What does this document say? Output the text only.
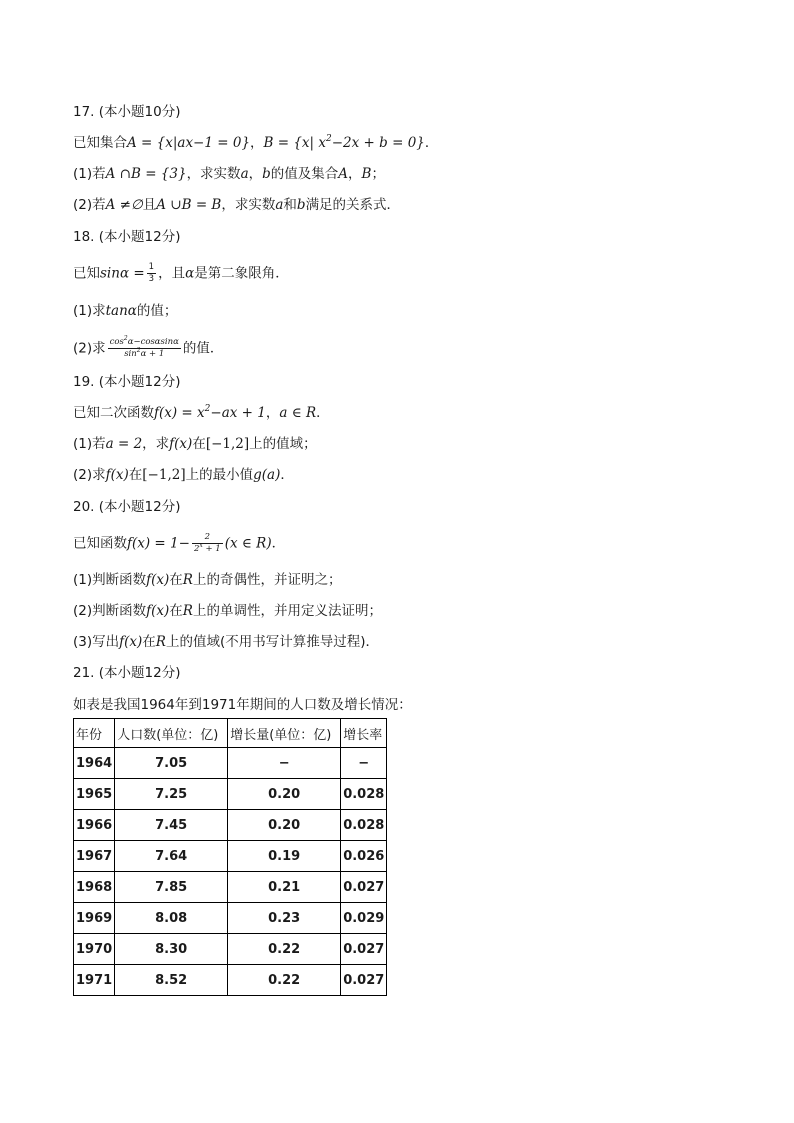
17. (本小题10分)
已知集合A = {x|ax−1 = 0}，B = {x| $x^2-2x + b = 0$}．
(1)若A ∩B = {3}，求实数a，b的值及集合A，B；
(2)若A ≠∅且A ∪B = B，求实数a和b满足的关系式．
18. (本小题12分)
已知$\sin\alpha = \frac{1}{3}$ ，且α是第二象限角．
(1)求tanα的值；
(2)求 $\frac{\cos^2\alpha-\cos\alpha\sin\alpha}{\sin^2\alpha + 1}$ 的值．
19. (本小题12分)
已知二次函数$f(x) = x^2-ax + 1$，a ∈ R．
(1)若a = 2，求f(x)在[−1,2]上的值域；
(2)求f(x)在[−1,2]上的最小值g(a)．
20. (本小题12分)
已知函数$f(x) = 1- \frac{2}{2^x + 1} (x$ ∈ R)．
(1)判断函数f(x)在R上的奇偶性，并证明之；
(2)判断函数f(x)在R上的单调性，并用定义法证明；
(3)写出f(x)在R上的值域(不用书写计算推导过程)．
21. (本小题12分)
如表是我国1964年到1971年期间的人口数及增长情况：
年份	人口数(单位：亿)	增长量(单位：亿)	增长率
1964	7.05	−	−
1965	7.25	0.20	0.028
1966	7.45	0.20	0.028
1967	7.64	0.19	0.026
1968	7.85	0.21	0.027
1969	8.08	0.23	0.029
1970	8.30	0.22	0.027
1971	8.52	0.22	0.027
